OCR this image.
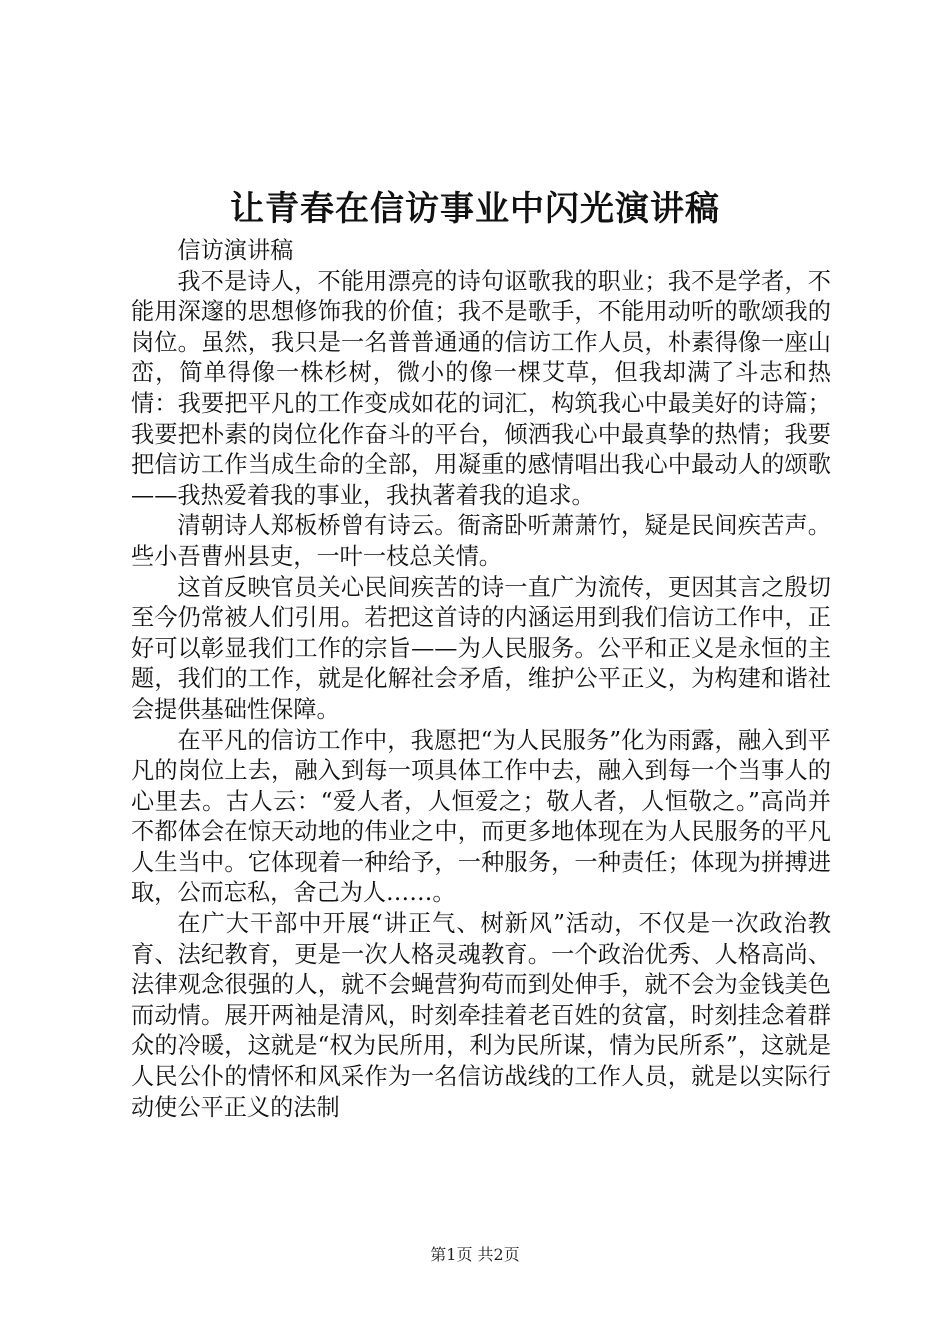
让青春在信访事业中闪光演讲稿

信访演讲稿

我不是诗人，不能用漂亮的诗句讴歌我的职业；我不是学者，不能用深邃的思想修饰我的价值；我不是歌手，不能用动听的歌颂我的岗位。虽然，我只是一名普普通通的信访工作人员，朴素得像一座山峦，简单得像一株杉树，微小的像一棵艾草，但我却满了斗志和热情：我要把平凡的工作变成如花的词汇，构筑我心中最美好的诗篇；我要把朴素的岗位化作奋斗的平台，倾洒我心中最真挚的热情；我要把信访工作当成生命的全部，用凝重的感情唱出我心中最动人的颂歌——我热爱着我的事业，我执著着我的追求。

清朝诗人郑板桥曾有诗云。衙斋卧听萧萧竹，疑是民间疾苦声。些小吾曹州县吏，一叶一枝总关情。

这首反映官员关心民间疾苦的诗一直广为流传，更因其言之殷切至今仍常被人们引用。若把这首诗的内涵运用到我们信访工作中，正好可以彰显我们工作的宗旨——为人民服务。公平和正义是永恒的主题，我们的工作，就是化解社会矛盾，维护公平正义，为构建和谐社会提供基础性保障。

在平凡的信访工作中，我愿把“为人民服务”化为雨露，融入到平凡的岗位上去，融入到每一项具体工作中去，融入到每一个当事人的心里去。古人云：“爱人者，人恒爱之；敬人者，人恒敬之。”高尚并不都体会在惊天动地的伟业之中，而更多地体现在为人民服务的平凡人生当中。它体现着一种给予，一种服务，一种责任；体现为拼搏进取，公而忘私，舍己为人……。

在广大干部中开展“讲正气、树新风”活动，不仅是一次政治教育、法纪教育，更是一次人格灵魂教育。一个政治优秀、人格高尚、法律观念很强的人，就不会蝇营狗苟而到处伸手，就不会为金钱美色而动情。展开两袖是清风，时刻牵挂着老百姓的贫富，时刻挂念着群众的冷暖，这就是“权为民所用，利为民所谋，情为民所系”，这就是人民公仆的情怀和风采作为一名信访战线的工作人员，就是以实际行动使公平正义的法制

第1页 共2页
